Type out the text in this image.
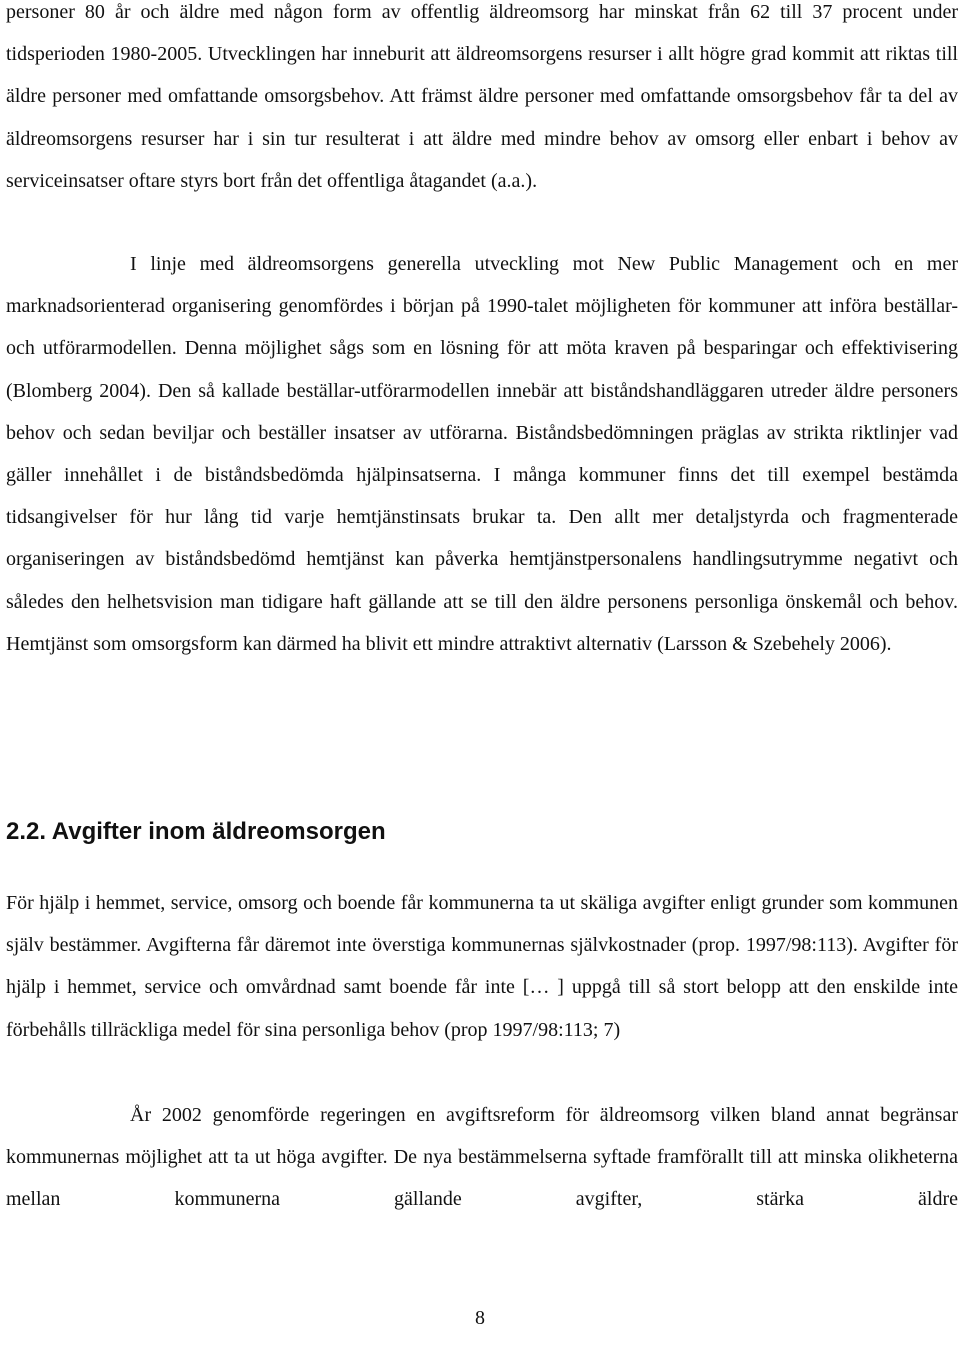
personer 80 år och äldre med någon form av offentlig äldreomsorg har minskat från 62 till 37 procent under tidsperioden 1980-2005. Utvecklingen har inneburit att äldreomsorgens resurser i allt högre grad kommit att riktas till äldre personer med omfattande omsorgsbehov. Att främst äldre personer med omfattande omsorgsbehov får ta del av äldreomsorgens resurser har i sin tur resulterat i att äldre med mindre behov av omsorg eller enbart i behov av serviceinsatser oftare styrs bort från det offentliga åtagandet (a.a.).

I linje med äldreomsorgens generella utveckling mot New Public Management och en mer marknadsorienterad organisering genomfördes i början på 1990-talet möjligheten för kommuner att införa beställar- och utförarmodellen. Denna möjlighet sågs som en lösning för att möta kraven på besparingar och effektivisering (Blomberg 2004). Den så kallade beställar-utförarmodellen innebär att biståndshandläggaren utreder äldre personers behov och sedan beviljar och beställer insatser av utförarna. Biståndsbedömningen präglas av strikta riktlinjer vad gäller innehållet i de biståndsbedömda hjälpinsatserna. I många kommuner finns det till exempel bestämda tidsangivelser för hur lång tid varje hemtjänstinsats brukar ta. Den allt mer detaljstyrda och fragmenterade organiseringen av biståndsbedömd hemtjänst kan påverka hemtjänstpersonalens handlingsutrymme negativt och således den helhetsvision man tidigare haft gällande att se till den äldre personens personliga önskemål och behov. Hemtjänst som omsorgsform kan därmed ha blivit ett mindre attraktivt alternativ (Larsson & Szebehely 2006).

2.2. Avgifter inom äldreomsorgen

För hjälp i hemmet, service, omsorg och boende får kommunerna ta ut skäliga avgifter enligt grunder som kommunen själv bestämmer. Avgifterna får däremot inte överstiga kommunernas självkostnader (prop. 1997/98:113). Avgifter för hjälp i hemmet, service och omvårdnad samt boende får inte [… ] uppgå till så stort belopp att den enskilde inte förbehålls tillräckliga medel för sina personliga behov (prop 1997/98:113; 7)

År 2002 genomförde regeringen en avgiftsreform för äldreomsorg vilken bland annat begränsar kommunernas möjlighet att ta ut höga avgifter. De nya bestämmelserna syftade framförallt till att minska olikheterna mellan kommunerna gällande avgifter, stärka äldre

8
